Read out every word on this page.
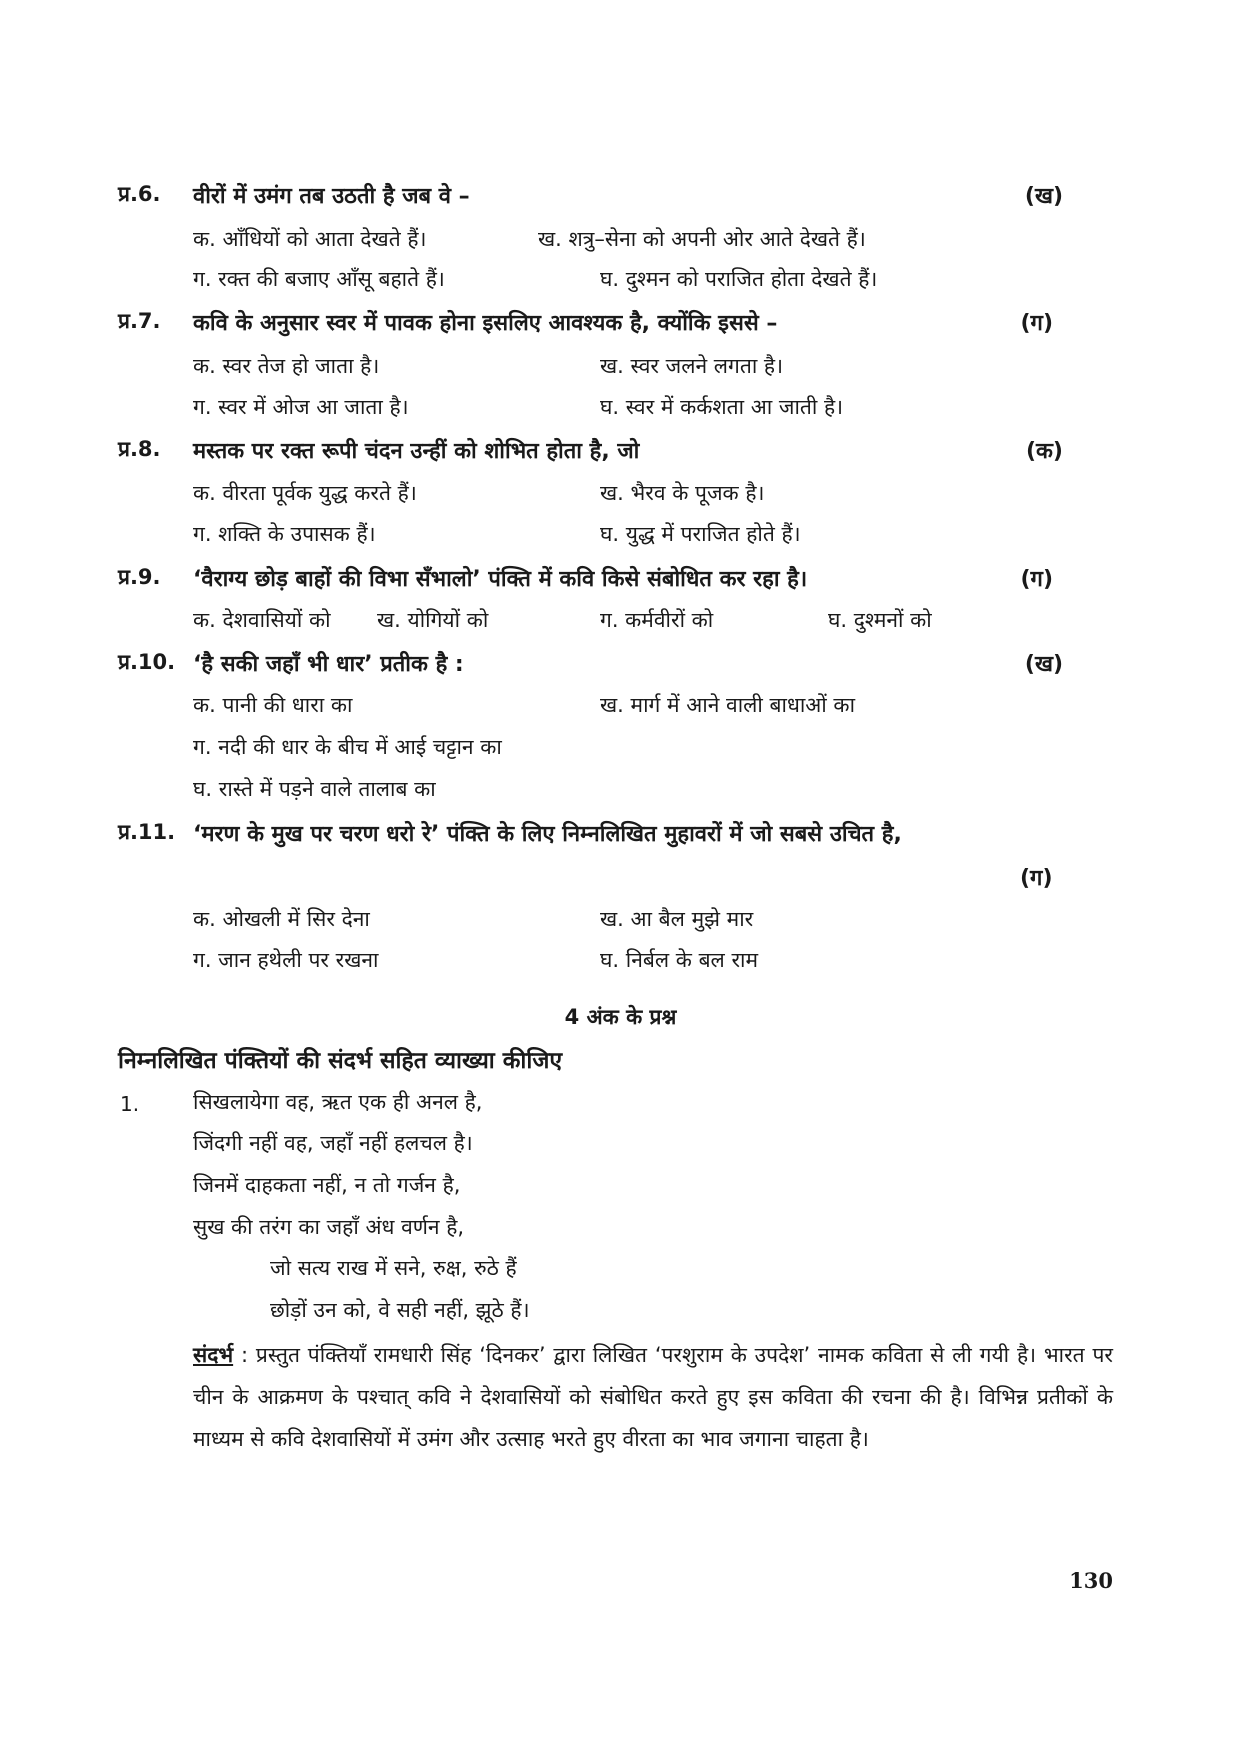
प्र.6. वीरों में उमंग तब उठती है जब वे –	(ख)
क. आँधियों को आता देखते हैं।	ख. शत्रु–सेना को अपनी ओर आते देखते हैं।
ग. रक्त की बजाए आँसू बहाते हैं।	घ. दुश्मन को पराजित होता देखते हैं।
प्र.7. कवि के अनुसार स्वर में पावक होना इसलिए आवश्यक है, क्योंकि इससे –	(ग)
क. स्वर तेज हो जाता है।	ख. स्वर जलने लगता है।
ग. स्वर में ओज आ जाता है।	घ. स्वर में कर्कशता आ जाती है।
प्र.8. मस्तक पर रक्त रूपी चंदन उन्हीं को शोभित होता है, जो	(क)
क. वीरता पूर्वक युद्ध करते हैं।	ख. भैरव के पूजक है।
ग. शक्ति के उपासक हैं।	घ. युद्ध में पराजित होते हैं।
प्र.9. ‘वैराग्य छोड़ बाहों की विभा सँभालो’ पंक्ति में कवि किसे संबोधित कर रहा है।	(ग)
क. देशवासियों को ख. योगियों को	ग. कर्मवीरों को	घ. दुश्मनों को
प्र.10. ‘है सकी जहाँ भी धार’ प्रतीक है :	(ख)
क. पानी की धारा का	ख. मार्ग में आने वाली बाधाओं का
ग. नदी की धार के बीच में आई चट्टान का
घ. रास्ते में पड़ने वाले तालाब का
प्र.11. ‘मरण के मुख पर चरण धरो रे’ पंक्ति के लिए निम्नलिखित मुहावरों में जो सबसे उचित है,
(ग)
क. ओखली में सिर देना	ख. आ बैल मुझे मार
ग. जान हथेली पर रखना	घ. निर्बल के बल राम
4 अंक के प्रश्न
निम्नलिखित पंक्तियों की संदर्भ सहित व्याख्या कीजिए
1.	सिखलायेगा वह, ऋत एक ही अनल है,
जिंदगी नहीं वह, जहाँ नहीं हलचल है।
जिनमें दाहकता नहीं, न तो गर्जन है,
सुख की तरंग का जहाँ अंध वर्णन है,
जो सत्य राख में सने, रुक्ष, रुठे हैं
छोड़ों उन को, वे सही नहीं, झूठे हैं।
संदर्भ : प्रस्तुत पंक्तियाँ रामधारी सिंह ‘दिनकर’ द्वारा लिखित ‘परशुराम के उपदेश’ नामक कविता से ली गयी है। भारत पर चीन के आक्रमण के पश्चात् कवि ने देशवासियों को संबोधित करते हुए इस कविता की रचना की है। विभिन्न प्रतीकों के माध्यम से कवि देशवासियों में उमंग और उत्साह भरते हुए वीरता का भाव जगाना चाहता है।
130
